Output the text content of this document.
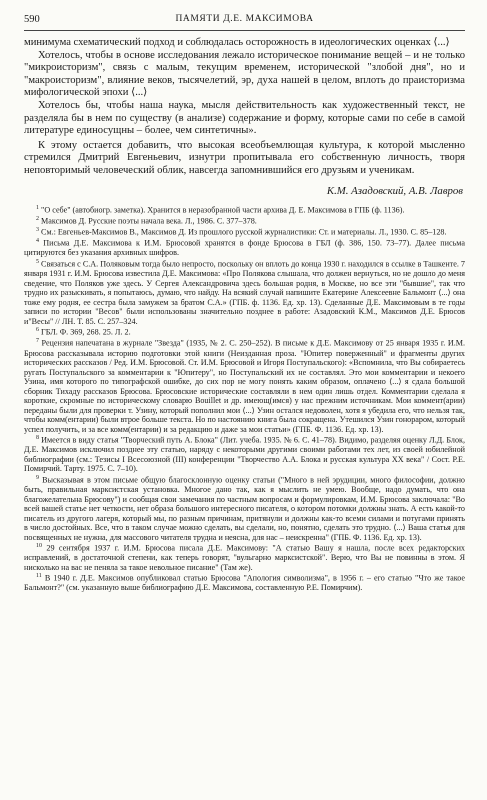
590	ПАМЯТИ Д.Е. МАКСИМОВА

минимума схематический подход и соблюдалась осторожность в идеологических оценках ⟨...⟩

Хотелось, чтобы в основе исследования лежало историческое понимание вещей – и не только "микроисторизм", связь с малым, текущим временем, исторической "злобой дня", но и "макроисторизм", влияние веков, тысячелетий, эр, духа нашей в целом, вплоть до праисторизма мифологической эпохи ⟨...⟩

Хотелось бы, чтобы наша наука, мысля действительность как художественный текст, не разделяла бы в нем по существу (в анализе) содержание и форму, которые сами по себе в самой литературе единосущны – более, чем синтетичны».

К этому остается добавить, что высокая всеобъемлющая культура, к которой мысленно стремился Дмитрий Евгеньевич, изнутри пропитывала его собственную личность, творя неповторимый человеческий облик, навсегда запомнившийся его друзьям и ученикам.

К.М. Азадовский, А.В. Лавров

$^1$ "О себе" (автобиогр. заметка). Хранится в неразобранной части архива Д. Е. Максимова в ГПБ (ф. 1136).

$^2$ Максимов Д. Русские поэты начала века. Л., 1986. С. 377–378.

$^3$ См.: Евгеньев-Максимов В., Максимов Д. Из прошлого русской журналистики: Ст. и материалы. Л., 1930. С. 85–128.

$^4$ Письма Д.Е. Максимова к И.М. Брюсовой хранятся в фонде Брюсова в ГБЛ (ф. 386, 150. 73–77). Далее письма цитируются без указания архивных шифров.

$^5$ Связаться с С.А. Поляковым тогда было непросто, поскольку он вплоть до конца 1930 г. находился в ссылке в Ташкенте. 7 января 1931 г. И.М. Брюсова известила Д.Е. Максимова: «Про Полякова слышала, что должен вернуться, но не дошло до меня сведение, что Поляков уже здесь. У Сергея Александровича здесь большая родня, в Москве, но все эти "бывшие", так что трудно их разыскивать, я попытаюсь, думаю, что найду. На всякий случай напишите Екатерине Алексеевне Бальмонт ⟨...⟩ она тоже ему родня, ее сестра была замужем за братом С.А.» (ГПБ. ф. 1136. Ед. хр. 13). Сделанные Д.Е. Максимовым в те годы записи по истории "Весов" были использованы значительно позднее в работе: Азадовский К.М., Максимов Д.Е. Брюсов и"Весы" // ЛН. Т. 85. С. 257–324.

$^6$ ГБЛ. Ф. 369, 268. 25. Л. 2.

$^7$ Рецензия напечатана в журнале "Звезда" (1935, № 2. С. 250–252). В письме к Д.Е. Максимову от 25 января 1935 г. И.М. Брюсова рассказывала историю подготовки этой книги (Неизданная проза. "Юпитер поверженный" и фрагменты других исторических рассказов / Ред. И.М. Брюсовой. Ст. И.М. Брюсовой и Игоря Поступальского): «Вспомнила, что Вы собираетесь ругать Поступальского за комментарии к "Юпитеру", но Поступальский их не составлял. Это мои комментарии и некоего Узина, имя которого по типографской ошибке, до сих пор не могу понять каким образом, оплачено ⟨...⟩ я сдала большой сборник Тихаду рассказов Брюсова. Брюсовские исторические составляли в нем один лишь отдел. Комментарии сделала я короткие, скромные по историческому словарю Bouillet и др. имеющ(имся) у нас прежним источникам. Мои коммент(арии) переданы были для проверки т. Узину, который пополнил мои ⟨...⟩ Узин остался недоволен, хотя я убедила его, что нельзя так, чтобы комм(ентарии) были втрое больше текста. Но по настоянию книга была сокращена. Утешился Узин гонораром, который успел получить, и за все комм(ентарии) и за редакцию и даже за мои статьи» (ГПБ. Ф. 1136. Ед. хр. 13).

$^8$ Имеется в виду статья "Творческий путь А. Блока" (Лит. учеба. 1935. № 6. С. 41–78). Видимо, разделяя оценку Л.Д. Блок, Д.Е. Максимов исключил позднее эту статью, наряду с некоторыми другими своими работами тех лет, из своей юбилейной библиографии (см.: Тезисы I Всесоюзной (III) конференции "Творчество А.А. Блока и русская культура XX века" / Сост. Р.Е. Помирчий. Тарту. 1975. С. 7–10).

$^9$ Высказывая в этом письме общую благосклонную оценку статьи ("Много в ней эрудиции, много философии, должно быть, правильная марксистская установка. Многое дано так, как я мыслить не умею. Вообще, надо думать, что она благожелательна Брюсову") и сообщая свои замечания по частным вопросам и формулировкам, И.М. Брюсова заключала: "Во всей вашей статье нет четкости, нет образа большого интересного писателя, о котором потомки должны знать. А есть какой-то писатель из другого лагеря, который мы, по разным причинам, притянули и должны как-то всеми силами и потугами принять в число достойных. Все, что в таком случае можно сделать, вы сделали, но, понятно, сделать это трудно. ⟨...⟩ Ваша статья для посвященных не нужна, для массового читателя трудна и неясна, для нас – неискренна" (ГПБ. Ф. 1136. Ед. хр. 13).

$^{10}$ 29 сентября 1937 г. И.М. Брюсова писала Д.Е. Максимову: "А статью Вашу я нашла, после всех редакторских исправлений, в достаточной степени, как теперь говорят, "вульгарно марксистской". Верю, что Вы не повинны в этом. Я нисколько на вас не пеняла за такое невольное писание" (Там же).

$^{11}$ В 1940 г. Д.Е. Максимов опубликовал статью Брюсова "Апология символизма", в 1956 г. – его статью "Что же такое Бальмонт?" (см. указанную выше библиографию Д.Е. Максимова, составленную Р.Е. Помирчим).
